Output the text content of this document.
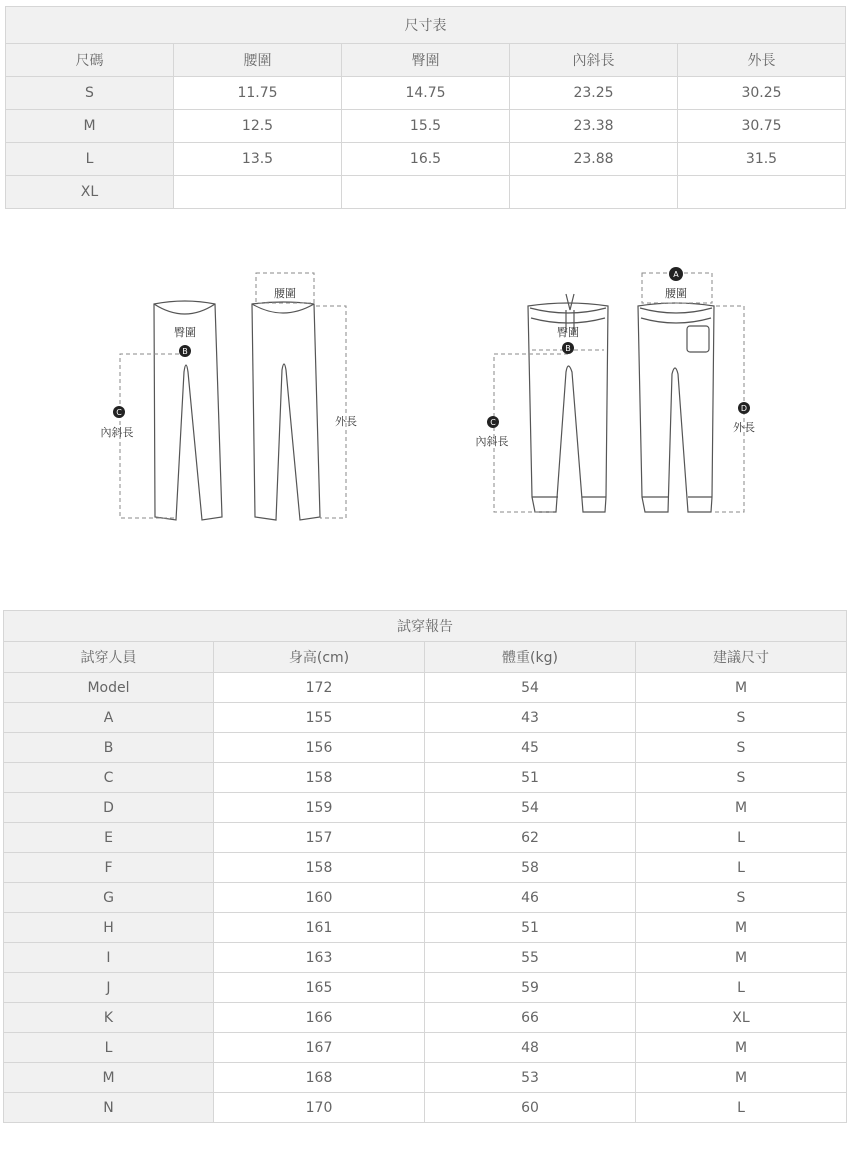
尺寸表				
尺碼	腰圍	臀圍	內斜長	外長
S	11.75	14.75	23.25	30.25
M	12.5	15.5	23.38	30.75
L	13.5	16.5	23.88	31.5
XL				
腰圍
臀圍
內斜長
外長
腰圍
臀圍
內斜長
外長
B
C
A
B
C
D
試穿報告			
試穿人員	身高(cm)	體重(kg)	建議尺寸
Model	172	54	M
A	155	43	S
B	156	45	S
C	158	51	S
D	159	54	M
E	157	62	L
F	158	58	L
G	160	46	S
H	161	51	M
I	163	55	M
J	165	59	L
K	166	66	XL
L	167	48	M
M	168	53	M
N	170	60	L
